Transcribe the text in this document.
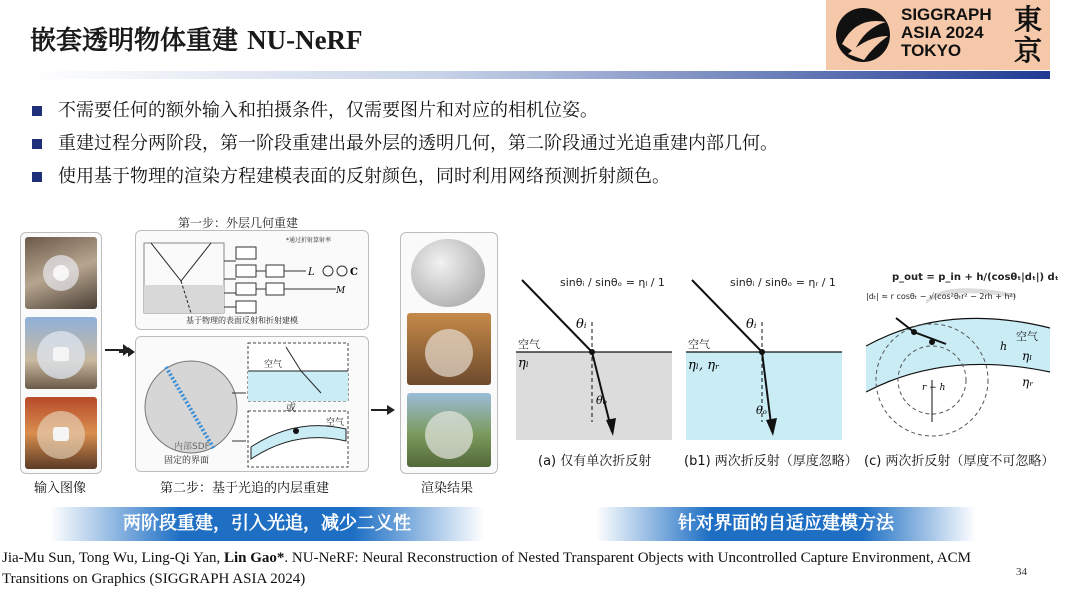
嵌套透明物体重建 NU-NeRF
SIGGRAPH
ASIA 2024
TOKYO
東
京
不需要任何的额外输入和拍摄条件，仅需要图片和对应的相机位姿。
重建过程分两阶段，第一阶段重建出最外层的透明几何，第二阶段通过光追重建内部几何。
使用基于物理的渲染方程建模表面的反射颜色，同时利用网络预测折射颜色。
输入图像
第一步：外层几何重建
L	C
M
*通过折射算射率
基于物理的表面反射和折射建模
空气
或
空气
内部SDF
固定的界面
第二步：基于光追的内层重建	渲染结果
θᵢ
θₒ
ηₗ
空气
sinθᵢ / sinθₒ = ηₗ / 1
(a) 仅有单次折反射
θᵢ
θₒ
ηₗ, ηᵣ
空气
sinθᵢ / sinθₒ = ηᵣ / 1
(b1) 两次折反射（厚度忽略）
h
ηᵣ
ηₗ
r − h
空气
p_out = p_in + h/(cosθₜ|dₜ|) dₜ
|dₜ| ≈ r cosθₜ − √(cos²θₜr² − 2rh + h²)
(c) 两次折反射（厚度不可忽略）
两阶段重建，引入光追，减少二义性	针对界面的自适应建模方法
Jia-Mu Sun, Tong Wu, Ling-Qi Yan, Lin Gao*. NU-NeRF: Neural Reconstruction of Nested Transparent Objects with Uncontrolled Capture Environment, ACM Transitions on Graphics (SIGGRAPH ASIA 2024)	34
